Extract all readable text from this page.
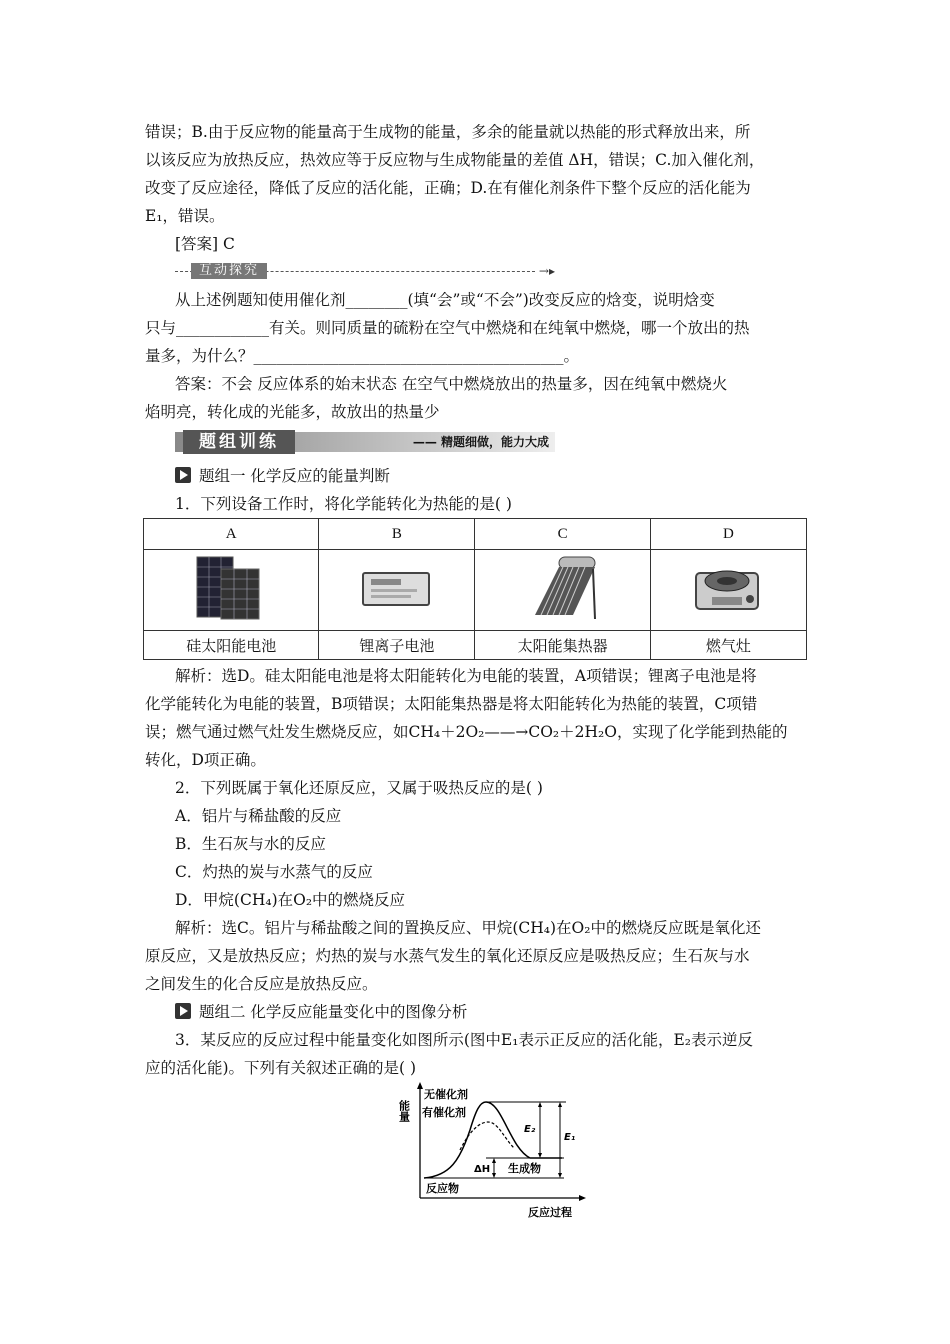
错误；B.由于反应物的能量高于生成物的能量，多余的能量就以热能的形式释放出来，所
以该反应为放热反应，热效应等于反应物与生成物能量的差值 ΔH，错误；C.加入催化剂，
改变了反应途径，降低了反应的活化能，正确；D.在有催化剂条件下整个反应的活化能为
E₁，错误。
[答案] C
互动探究	→▸
从上述例题知使用催化剂________(填“会”或“不会”)改变反应的焓变，说明焓变
只与____________有关。则同质量的硫粉在空气中燃烧和在纯氧中燃烧，哪一个放出的热
量多，为什么？________________________________________。
答案：不会 反应体系的始末状态 在空气中燃烧放出的热量多，因在纯氧中燃烧火
焰明亮，转化成的光能多，故放出的热量少
题组训练	—— 精题细做，能力大成
题组一 化学反应的能量判断
1．下列设备工作时，将化学能转化为热能的是( )
A	B	C	D

硅太阳能电池	锂离子电池	太阳能集热器	燃气灶
解析：选D。硅太阳能电池是将太阳能转化为电能的装置，A项错误；锂离子电池是将
化学能转化为电能的装置，B项错误；太阳能集热器是将太阳能转化为热能的装置，C项错
误；燃气通过燃气灶发生燃烧反应，如CH₄＋2O₂——→CO₂＋2H₂O，实现了化学能到热能的
转化，D项正确。
2．下列既属于氧化还原反应，又属于吸热反应的是( )
A．铝片与稀盐酸的反应
B．生石灰与水的反应
C．灼热的炭与水蒸气的反应
D．甲烷(CH₄)在O₂中的燃烧反应
解析：选C。铝片与稀盐酸之间的置换反应、甲烷(CH₄)在O₂中的燃烧反应既是氧化还
原反应，又是放热反应；灼热的炭与水蒸气发生的氧化还原反应是吸热反应；生石灰与水
之间发生的化合反应是放热反应。
题组二 化学反应能量变化中的图像分析
3．某反应的反应过程中能量变化如图所示(图中E₁表示正反应的活化能，E₂表示逆反
应的活化能)。下列有关叙述正确的是( )
能量
反应过程
无催化剂
有催化剂
E₂
E₁
ΔH 生成物
反应物
